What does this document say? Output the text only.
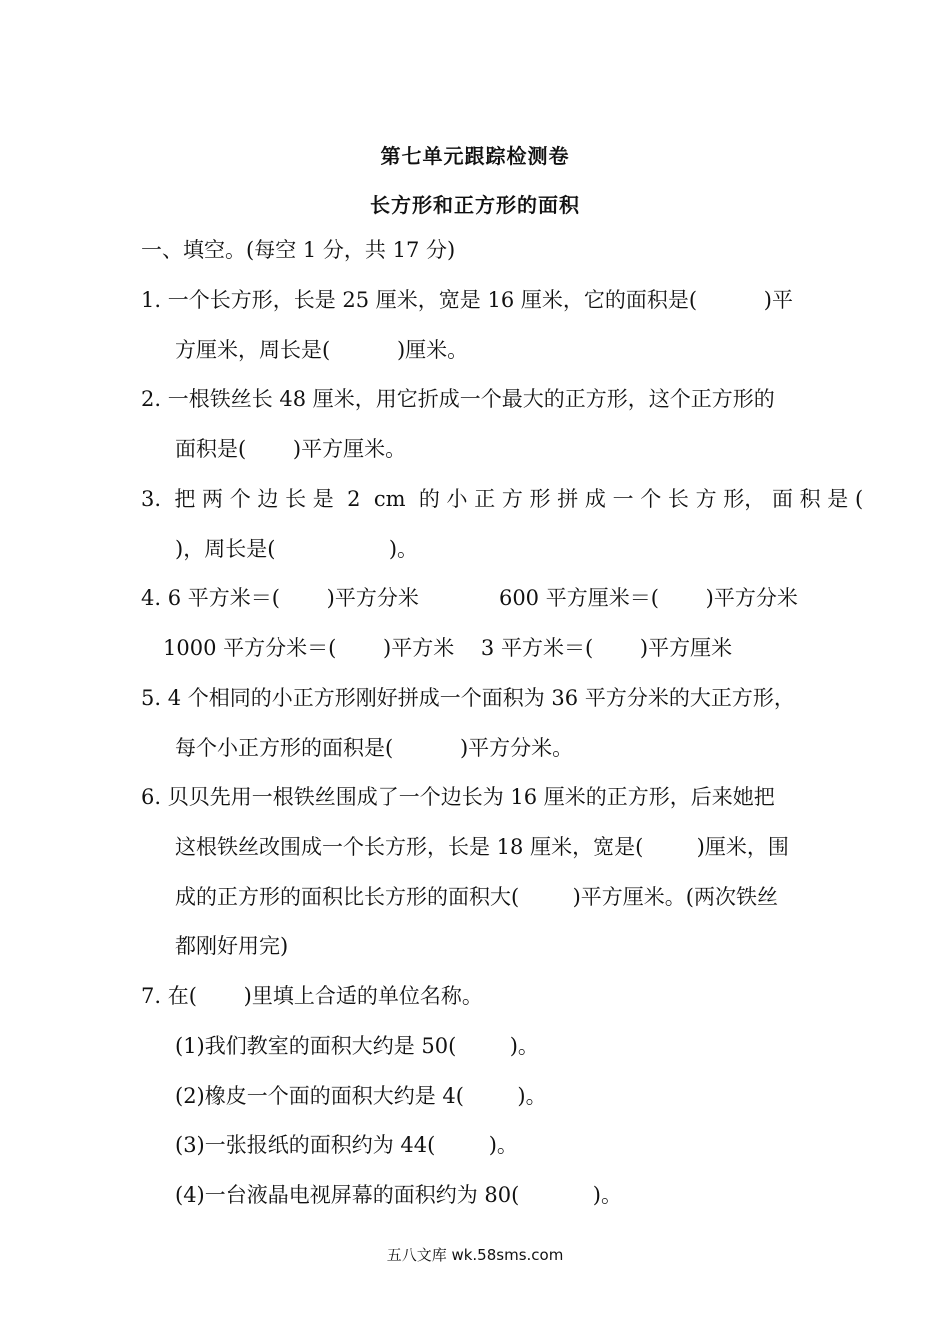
第七单元跟踪检测卷
长方形和正方形的面积
一、填空。(每空 1 分，共 17 分)
1. 一个长方形，长是 25 厘米，宽是 16 厘米，它的面积是(          )平
方厘米，周长是(          )厘米。
2. 一根铁丝长 48 厘米，用它折成一个最大的正方形，这个正方形的
面积是(       )平方厘米。
3.  把 两 个 边 长 是  2  cm  的 小 正 方 形 拼 成 一 个 长 方 形， 面 积 是 (
)，周长是(                 )。
4. 6 平方米＝(       )平方分米            600 平方厘米＝(       )平方分米
1000 平方分米＝(       )平方米    3 平方米＝(       )平方厘米
5. 4 个相同的小正方形刚好拼成一个面积为 36 平方分米的大正方形，
每个小正方形的面积是(          )平方分米。
6. 贝贝先用一根铁丝围成了一个边长为 16 厘米的正方形，后来她把
这根铁丝改围成一个长方形，长是 18 厘米，宽是(        )厘米，围
成的正方形的面积比长方形的面积大(        )平方厘米。(两次铁丝
都刚好用完)
7. 在(       )里填上合适的单位名称。
(1)我们教室的面积大约是 50(        )。
(2)橡皮一个面的面积大约是 4(        )。
(3)一张报纸的面积约为 44(        )。
(4)一台液晶电视屏幕的面积约为 80(           )。
五八文库 wk.58sms.com
